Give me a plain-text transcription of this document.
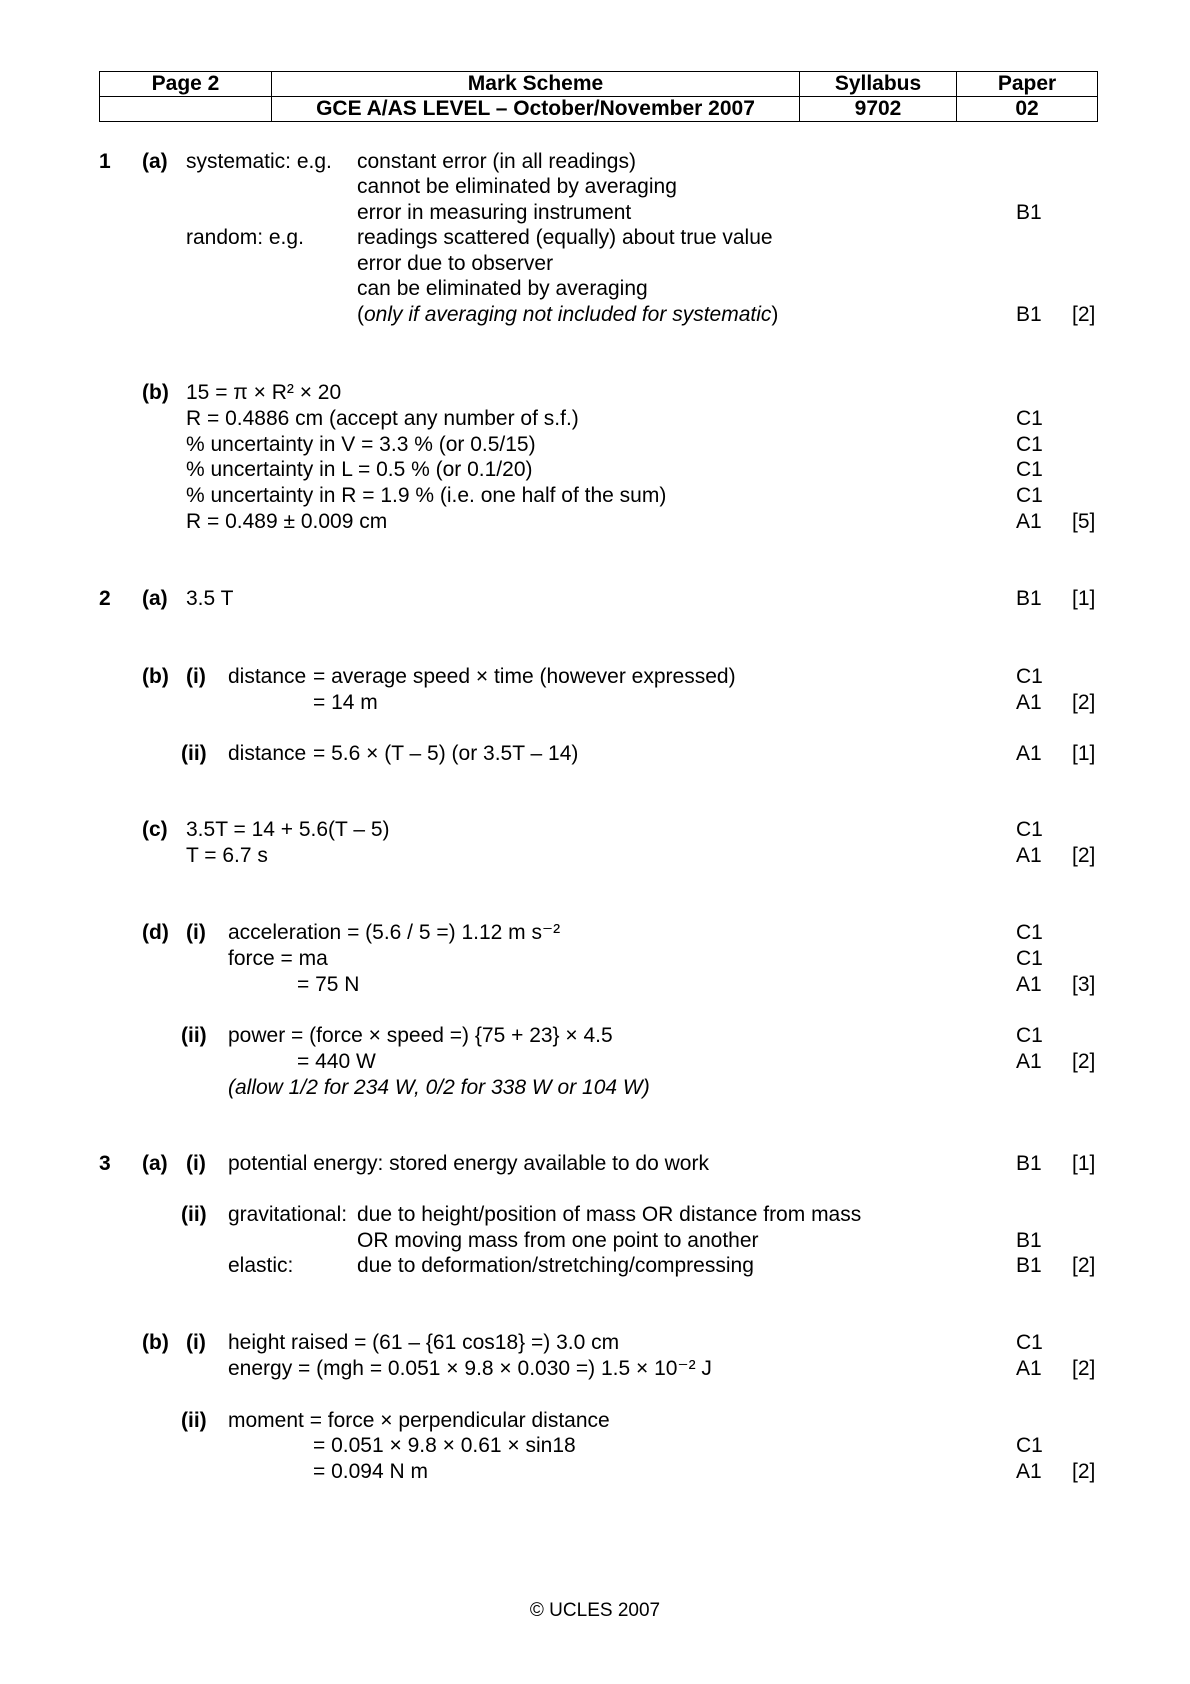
Page 2	Mark Scheme	Syllabus	Paper
	GCE A/AS LEVEL – October/November 2007	9702	02
1 (a) systematic: e.g. constant error (in all readings)
cannot be eliminated by averaging
error in measuring instrument	B1
random: e.g.	readings scattered (equally) about true value
error due to observer
can be eliminated by averaging
(only if averaging not included for systematic)	B1 [2]
(b) 15 = π × R² × 20
R = 0.4886 cm (accept any number of s.f.)	C1
% uncertainty in V = 3.3 % (or 0.5/15)	C1
% uncertainty in L = 0.5 % (or 0.1/20)	C1
% uncertainty in R = 1.9 % (i.e. one half of the sum)	C1
R = 0.489 ± 0.009 cm	A1 [5]
2 (a) 3.5 T	B1 [1]
(b) (i) distance = average speed × time (however expressed)	C1
= 14 m	A1 [2]
(ii) distance = 5.6 × (T – 5) (or 3.5T – 14)	A1 [1]
(c) 3.5T = 14 + 5.6(T – 5)	C1
T = 6.7 s	A1 [2]
(d) (i) acceleration = (5.6 / 5 =) 1.12 m s⁻²	C1
force = ma	C1
= 75 N	A1 [3]
(ii) power = (force × speed =) {75 + 23} × 4.5	C1
= 440 W	A1 [2]
(allow 1/2 for 234 W, 0/2 for 338 W or 104 W)
3 (a) (i) potential energy: stored energy available to do work	B1 [1]
(ii) gravitational: due to height/position of mass OR distance from mass
OR moving mass from one point to another	B1
elastic:	due to deformation/stretching/compressing	B1 [2]
(b) (i) height raised = (61 – {61 cos18} =) 3.0 cm	C1
energy = (mgh = 0.051 × 9.8 × 0.030 =) 1.5 × 10⁻² J	A1 [2]
(ii) moment = force × perpendicular distance
= 0.051 × 9.8 × 0.61 × sin18	C1
= 0.094 N m	A1 [2]
© UCLES 2007
